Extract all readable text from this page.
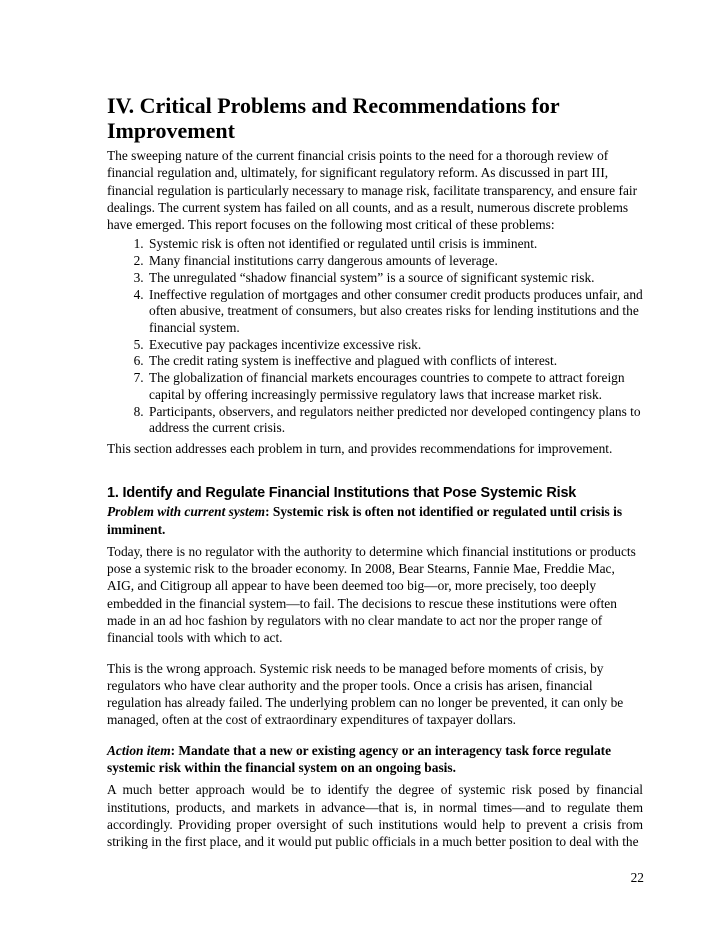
IV. Critical Problems and Recommendations for Improvement

The sweeping nature of the current financial crisis points to the need for a thorough review of financial regulation and, ultimately, for significant regulatory reform. As discussed in part III, financial regulation is particularly necessary to manage risk, facilitate transparency, and ensure fair dealings. The current system has failed on all counts, and as a result, numerous discrete problems have emerged. This report focuses on the following most critical of these problems:

1. Systemic risk is often not identified or regulated until crisis is imminent.
2. Many financial institutions carry dangerous amounts of leverage.
3. The unregulated “shadow financial system” is a source of significant systemic risk.
4. Ineffective regulation of mortgages and other consumer credit products produces unfair, and often abusive, treatment of consumers, but also creates risks for lending institutions and the financial system.
5. Executive pay packages incentivize excessive risk.
6. The credit rating system is ineffective and plagued with conflicts of interest.
7. The globalization of financial markets encourages countries to compete to attract foreign capital by offering increasingly permissive regulatory laws that increase market risk.
8. Participants, observers, and regulators neither predicted nor developed contingency plans to address the current crisis.

This section addresses each problem in turn, and provides recommendations for improvement.

1. Identify and Regulate Financial Institutions that Pose Systemic Risk

Problem with current system: Systemic risk is often not identified or regulated until crisis is imminent.

Today, there is no regulator with the authority to determine which financial institutions or products pose a systemic risk to the broader economy. In 2008, Bear Stearns, Fannie Mae, Freddie Mac, AIG, and Citigroup all appear to have been deemed too big—or, more precisely, too deeply embedded in the financial system—to fail. The decisions to rescue these institutions were often made in an ad hoc fashion by regulators with no clear mandate to act nor the proper range of financial tools with which to act.

This is the wrong approach. Systemic risk needs to be managed before moments of crisis, by regulators who have clear authority and the proper tools. Once a crisis has arisen, financial regulation has already failed. The underlying problem can no longer be prevented, it can only be managed, often at the cost of extraordinary expenditures of taxpayer dollars.

Action item: Mandate that a new or existing agency or an interagency task force regulate systemic risk within the financial system on an ongoing basis.

A much better approach would be to identify the degree of systemic risk posed by financial institutions, products, and markets in advance—that is, in normal times—and to regulate them accordingly. Providing proper oversight of such institutions would help to prevent a crisis from striking in the first place, and it would put public officials in a much better position to deal with the

22
